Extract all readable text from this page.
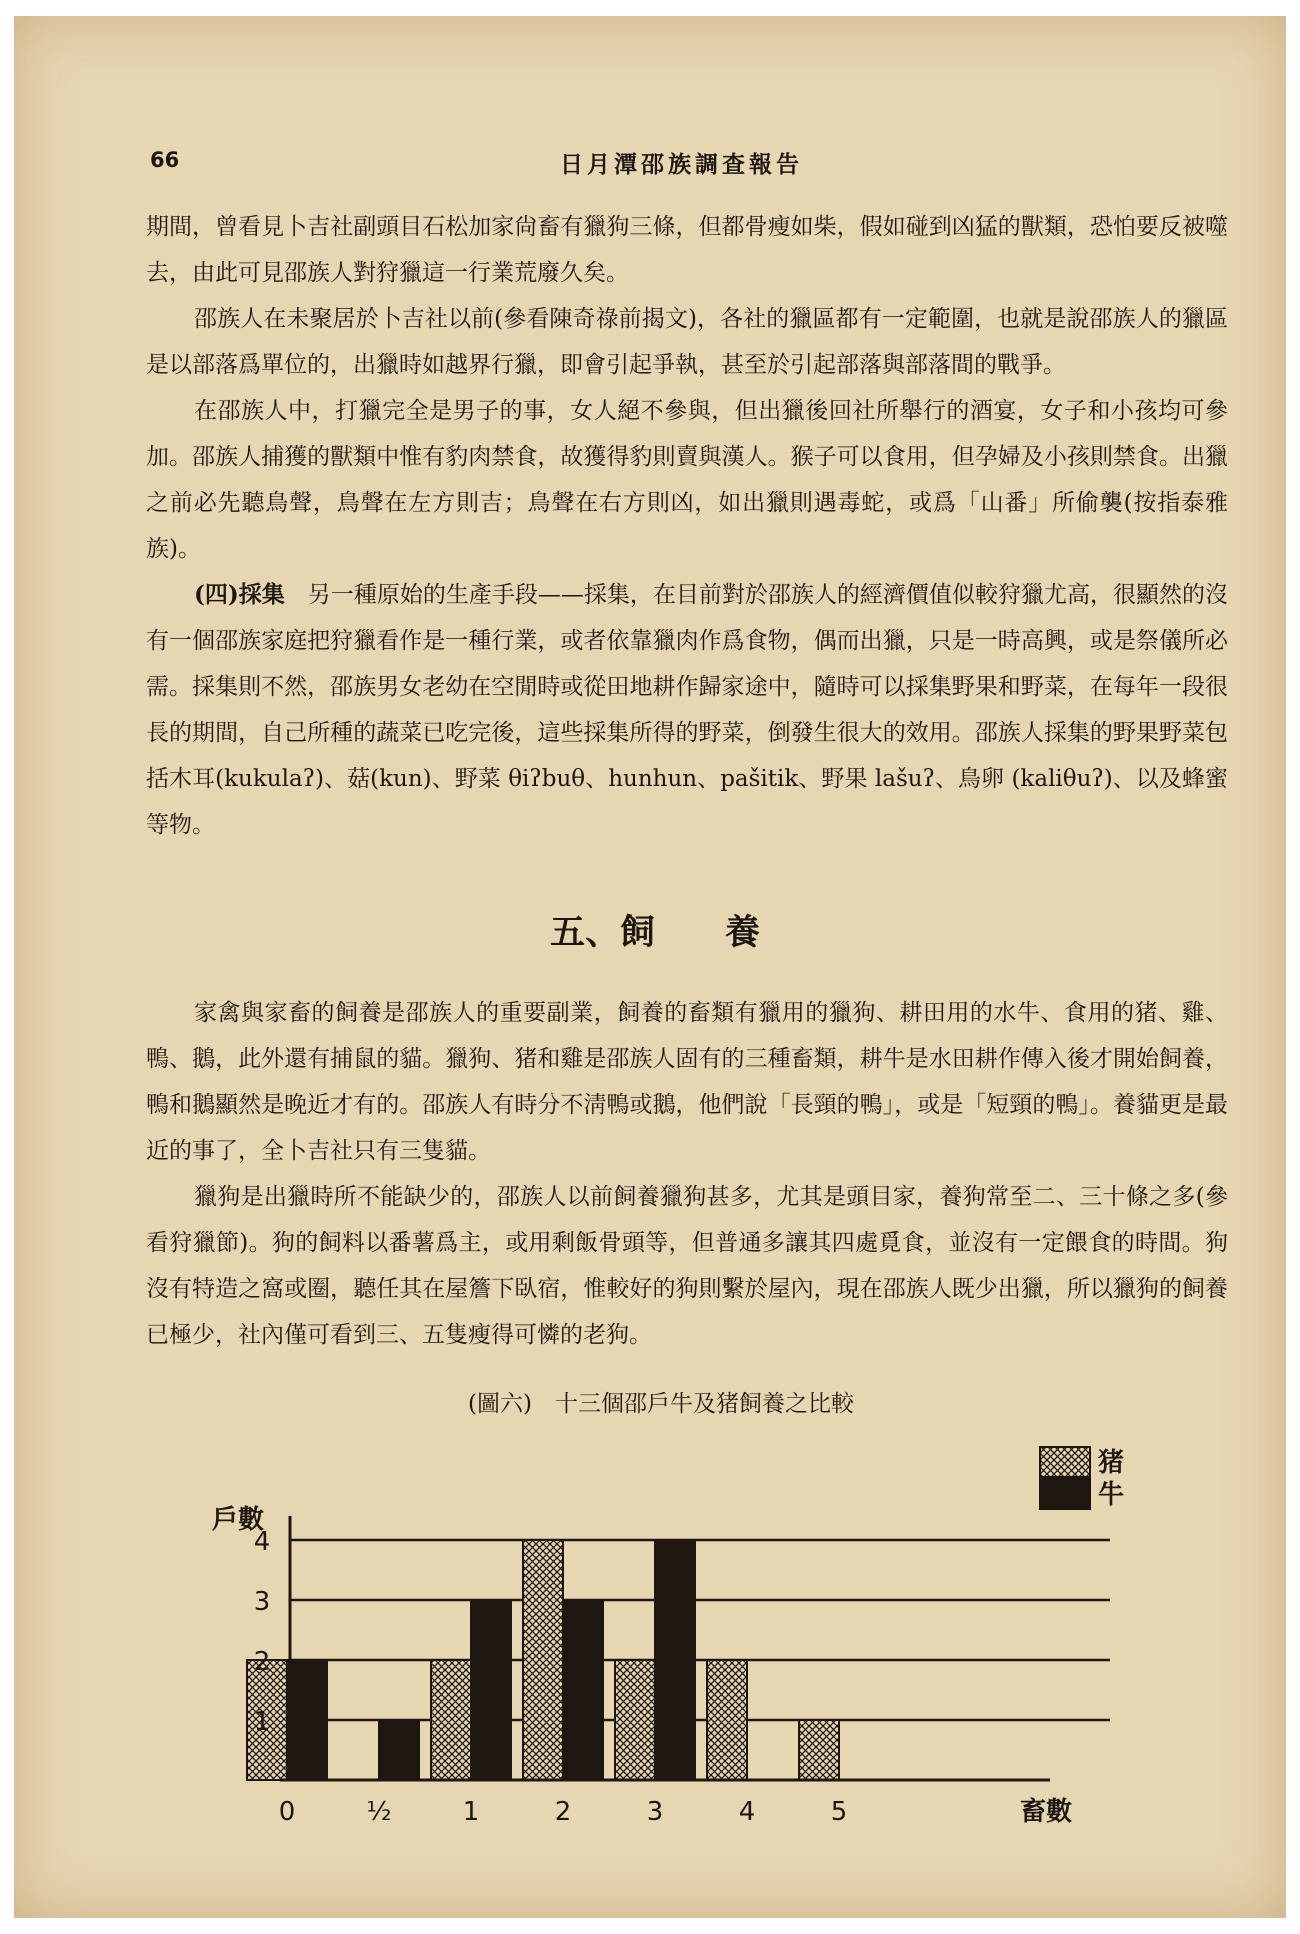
66	日月潭邵族調查報告

期間，曾看見卜吉社副頭目石松加家尙畜有獵狗三條，但都骨瘦如柴，假如碰到凶猛的獸類，恐怕要反被噬去，由此可見邵族人對狩獵這一行業荒廢久矣。

邵族人在未聚居於卜吉社以前(參看陳奇祿前揭文)，各社的獵區都有一定範圍，也就是說邵族人的獵區是以部落爲單位的，出獵時如越界行獵，即會引起爭執，甚至於引起部落與部落間的戰爭。

在邵族人中，打獵完全是男子的事，女人絕不參與，但出獵後回社所舉行的酒宴，女子和小孩均可參加。邵族人捕獲的獸類中惟有豹肉禁食，故獲得豹則賣與漢人。猴子可以食用，但孕婦及小孩則禁食。出獵之前必先聽鳥聲，鳥聲在左方則吉；鳥聲在右方則凶，如出獵則遇毒蛇，或爲「山番」所偷襲(按指泰雅族)。

(四)採集　另一種原始的生產手段——採集，在目前對於邵族人的經濟價值似較狩獵尤高，很顯然的沒有一個邵族家庭把狩獵看作是一種行業，或者依靠獵肉作爲食物，偶而出獵，只是一時高興，或是祭儀所必需。採集則不然，邵族男女老幼在空閒時或從田地耕作歸家途中，隨時可以採集野果和野菜，在每年一段很長的期間，自己所種的蔬菜已吃完後，這些採集所得的野菜，倒發生很大的效用。邵族人採集的野果野菜包括木耳(kukulaʔ)、菇(kun)、野菜 θiʔbuθ、hunhun、pašitik、野果 lašuʔ、鳥卵 (kaliθuʔ)、以及蜂蜜等物。

五、飼　　養

家禽與家畜的飼養是邵族人的重要副業，飼養的畜類有獵用的獵狗、耕田用的水牛、食用的猪、雞、鴨、鵝，此外還有捕鼠的貓。獵狗、猪和雞是邵族人固有的三種畜類，耕牛是水田耕作傳入後才開始飼養，鴨和鵝顯然是晚近才有的。邵族人有時分不淸鴨或鵝，他們說「長頸的鴨」，或是「短頸的鴨」。養貓更是最近的事了，全卜吉社只有三隻貓。

獵狗是出獵時所不能缺少的，邵族人以前飼養獵狗甚多，尤其是頭目家，養狗常至二、三十條之多(參看狩獵節)。狗的飼料以番薯爲主，或用剩飯骨頭等，但普通多讓其四處覓食，並沒有一定餵食的時間。狗沒有特造之窩或圈，聽任其在屋簷下臥宿，惟較好的狗則繫於屋內，現在邵族人既少出獵，所以獵狗的飼養已極少，社內僅可看到三、五隻瘦得可憐的老狗。

(圖六)　十三個邵戶牛及猪飼養之比較
1
2
3
4
0	½	1	2	3	4	5
戶數
畜數
猪
牛
